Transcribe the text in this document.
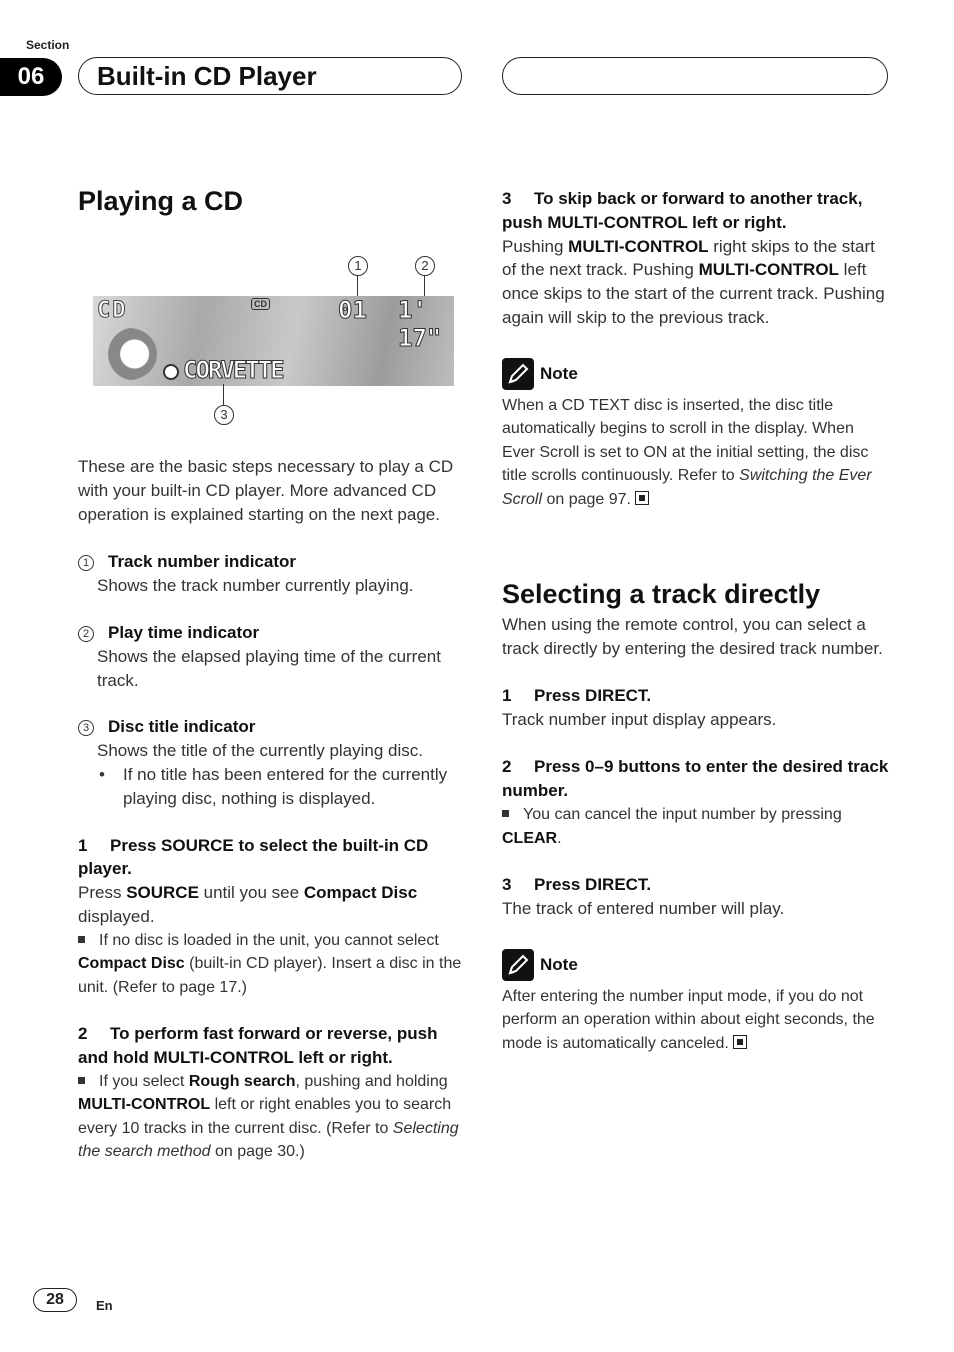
Section
06	Built-in CD Player
Playing a CD
1	2
CD	CD	01 1' 17"
CORVETTE
3

These are the basic steps necessary to play a CD with your built-in CD player. More advanced CD operation is explained starting on the next page.

1 Track number indicator

Shows the track number currently playing.

2 Play time indicator

Shows the elapsed playing time of the current track.

3 Disc title indicator

Shows the title of the currently playing disc.

• If no title has been entered for the currently playing disc, nothing is displayed.

1 Press SOURCE to select the built-in CD player.

Press SOURCE until you see Compact Disc displayed.

If no disc is loaded in the unit, you cannot select Compact Disc (built-in CD player). Insert a disc in the unit. (Refer to page 17.)

2 To perform fast forward or reverse, push and hold MULTI-CONTROL left or right.

If you select Rough search, pushing and holding MULTI-CONTROL left or right enables you to search every 10 tracks in the current disc. (Refer to Selecting the search method on page 30.)

3 To skip back or forward to another track, push MULTI-CONTROL left or right.

Pushing MULTI-CONTROL right skips to the start of the next track. Pushing MULTI-CONTROL left once skips to the start of the current track. Pushing again will skip to the previous track.

Note

When a CD TEXT disc is inserted, the disc title automatically begins to scroll in the display. When Ever Scroll is set to ON at the initial setting, the disc title scrolls continuously. Refer to Switching the Ever Scroll on page 97.

Selecting a track directly

When using the remote control, you can select a track directly by entering the desired track number.

1 Press DIRECT.

Track number input display appears.

2 Press 0–9 buttons to enter the desired track number.

You can cancel the input number by pressing CLEAR.

3 Press DIRECT.

The track of entered number will play.

Note

After entering the number input mode, if you do not perform an operation within about eight seconds, the mode is automatically canceled.

28	En
